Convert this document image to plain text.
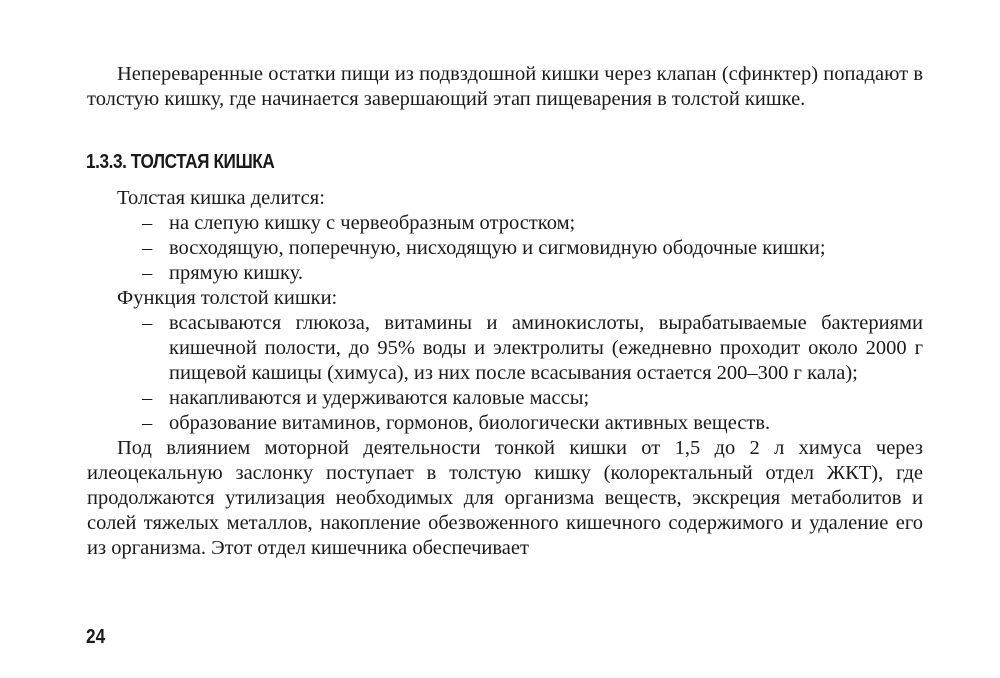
Непереваренные остатки пищи из подвздошной кишки через клапан (сфинктер) попадают в толстую кишку, где начинается завершающий этап пищеварения в толстой кишке.

1.3.3. ТОЛСТАЯ КИШКА

Толстая кишка делится:

– на слепую кишку с червеобразным отростком;

– восходящую, поперечную, нисходящую и сигмовидную ободочные кишки;

– прямую кишку.

Функция толстой кишки:

– всасываются глюкоза, витамины и аминокислоты, вырабатываемые бактериями кишечной полости, до 95% воды и электролиты (ежедневно проходит около 2000 г пищевой кашицы (химуса), из них после всасывания остается 200–300 г кала);

– накапливаются и удерживаются каловые массы;

– образование витаминов, гормонов, биологически активных веществ.

Под влиянием моторной деятельности тонкой кишки от 1,5 до 2 л химуса через илеоцекальную заслонку поступает в толстую кишку (колоректальный отдел ЖКТ), где продолжаются утилизация необходимых для организма веществ, экскреция метаболитов и солей тяжелых металлов, накопление обезвоженного кишечного содержимого и удаление его из организма. Этот отдел кишечника обеспечивает

24
